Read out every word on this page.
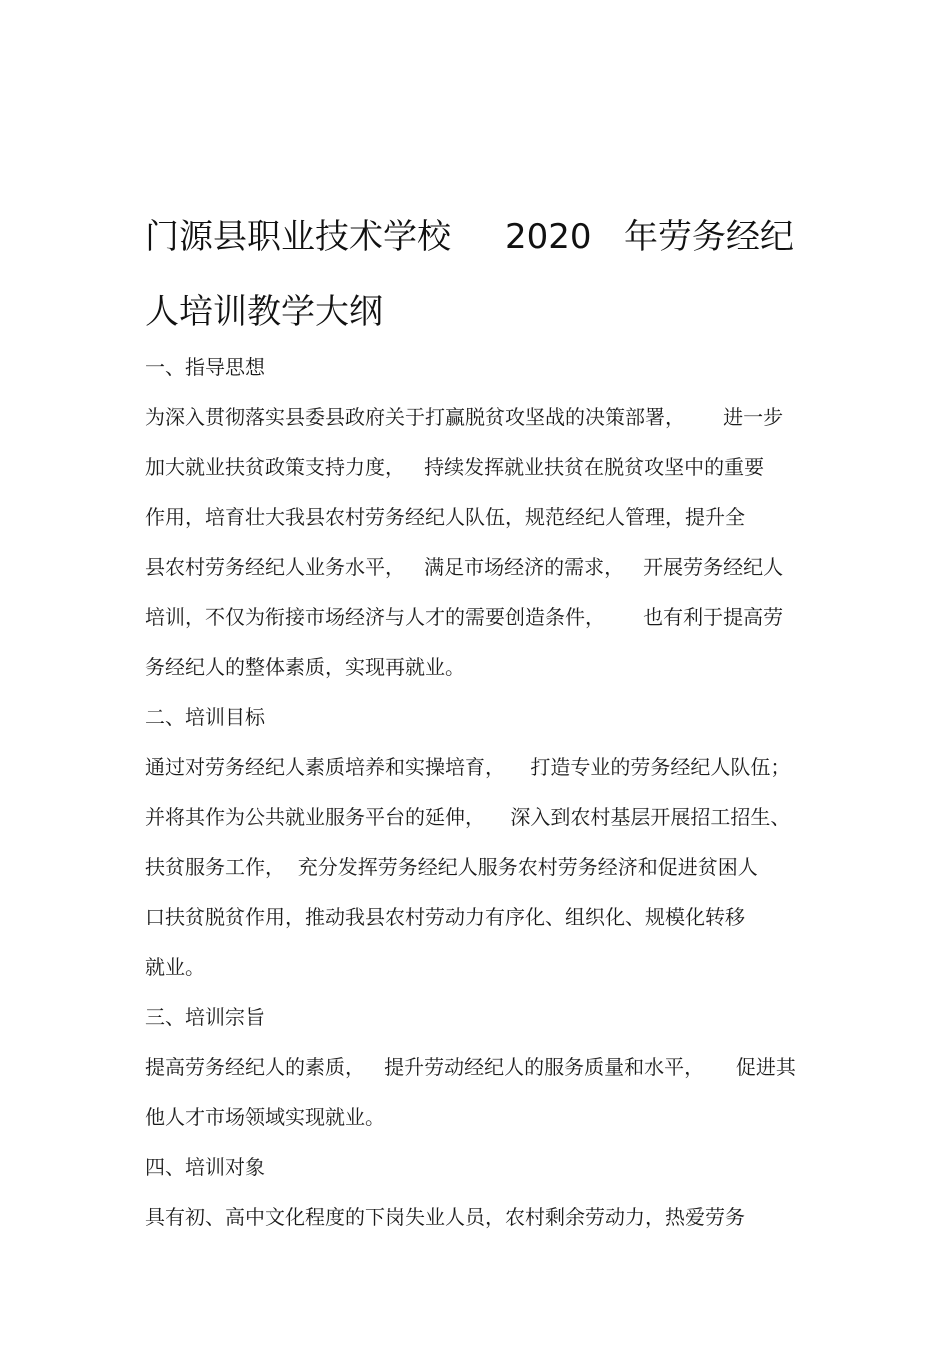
门源县职业技术学校     2020   年劳务经纪
人培训教学大纲
一、指导思想
为深入贯彻落实县委县政府关于打赢脱贫攻坚战的决策部署，      进一步
加大就业扶贫政策支持力度，   持续发挥就业扶贫在脱贫攻坚中的重要
作用，培育壮大我县农村劳务经纪人队伍，规范经纪人管理，提升全
县农村劳务经纪人业务水平，   满足市场经济的需求，   开展劳务经纪人
培训，不仅为衔接市场经济与人才的需要创造条件，      也有利于提高劳
务经纪人的整体素质，实现再就业。
二、培训目标
通过对劳务经纪人素质培养和实操培育，    打造专业的劳务经纪人队伍；
并将其作为公共就业服务平台的延伸，    深入到农村基层开展招工招生、
扶贫服务工作，  充分发挥劳务经纪人服务农村劳务经济和促进贫困人
口扶贫脱贫作用，推动我县农村劳动力有序化、组织化、规模化转移
就业。
三、培训宗旨
提高劳务经纪人的素质，   提升劳动经纪人的服务质量和水平，     促进其
他人才市场领域实现就业。
四、培训对象
具有初、高中文化程度的下岗失业人员，农村剩余劳动力，热爱劳务
